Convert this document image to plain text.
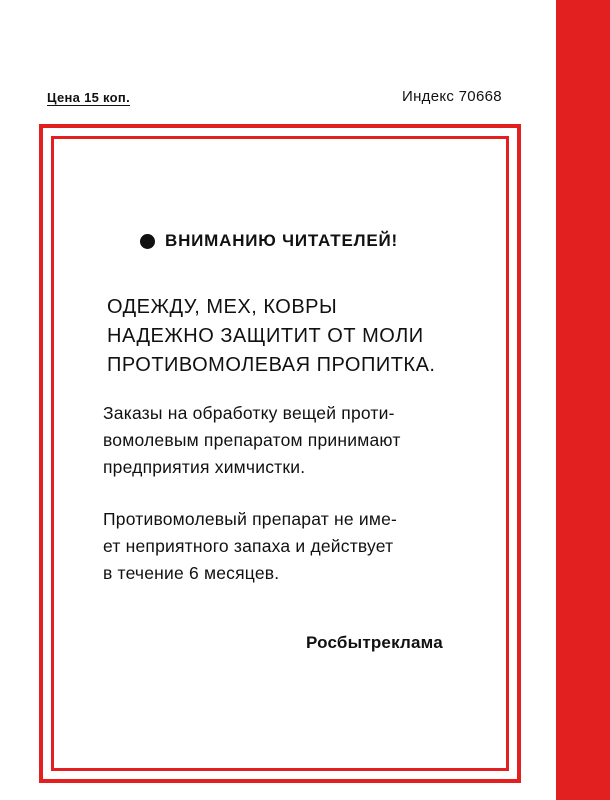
Цена 15 коп.	Индекс 70668
ВНИМАНИЮ ЧИТАТЕЛЕЙ!
ОДЕЖДУ, МЕХ, КОВРЫ
НАДЕЖНО ЗАЩИТИТ ОТ МОЛИ
ПРОТИВОМОЛЕВАЯ ПРОПИТКА.
Заказы на обработку вещей проти-
вомолевым препаратом принимают
предприятия химчистки.
Противомолевый препарат не име-
ет неприятного запаха и действует
в течение 6 месяцев.
Росбытреклама
